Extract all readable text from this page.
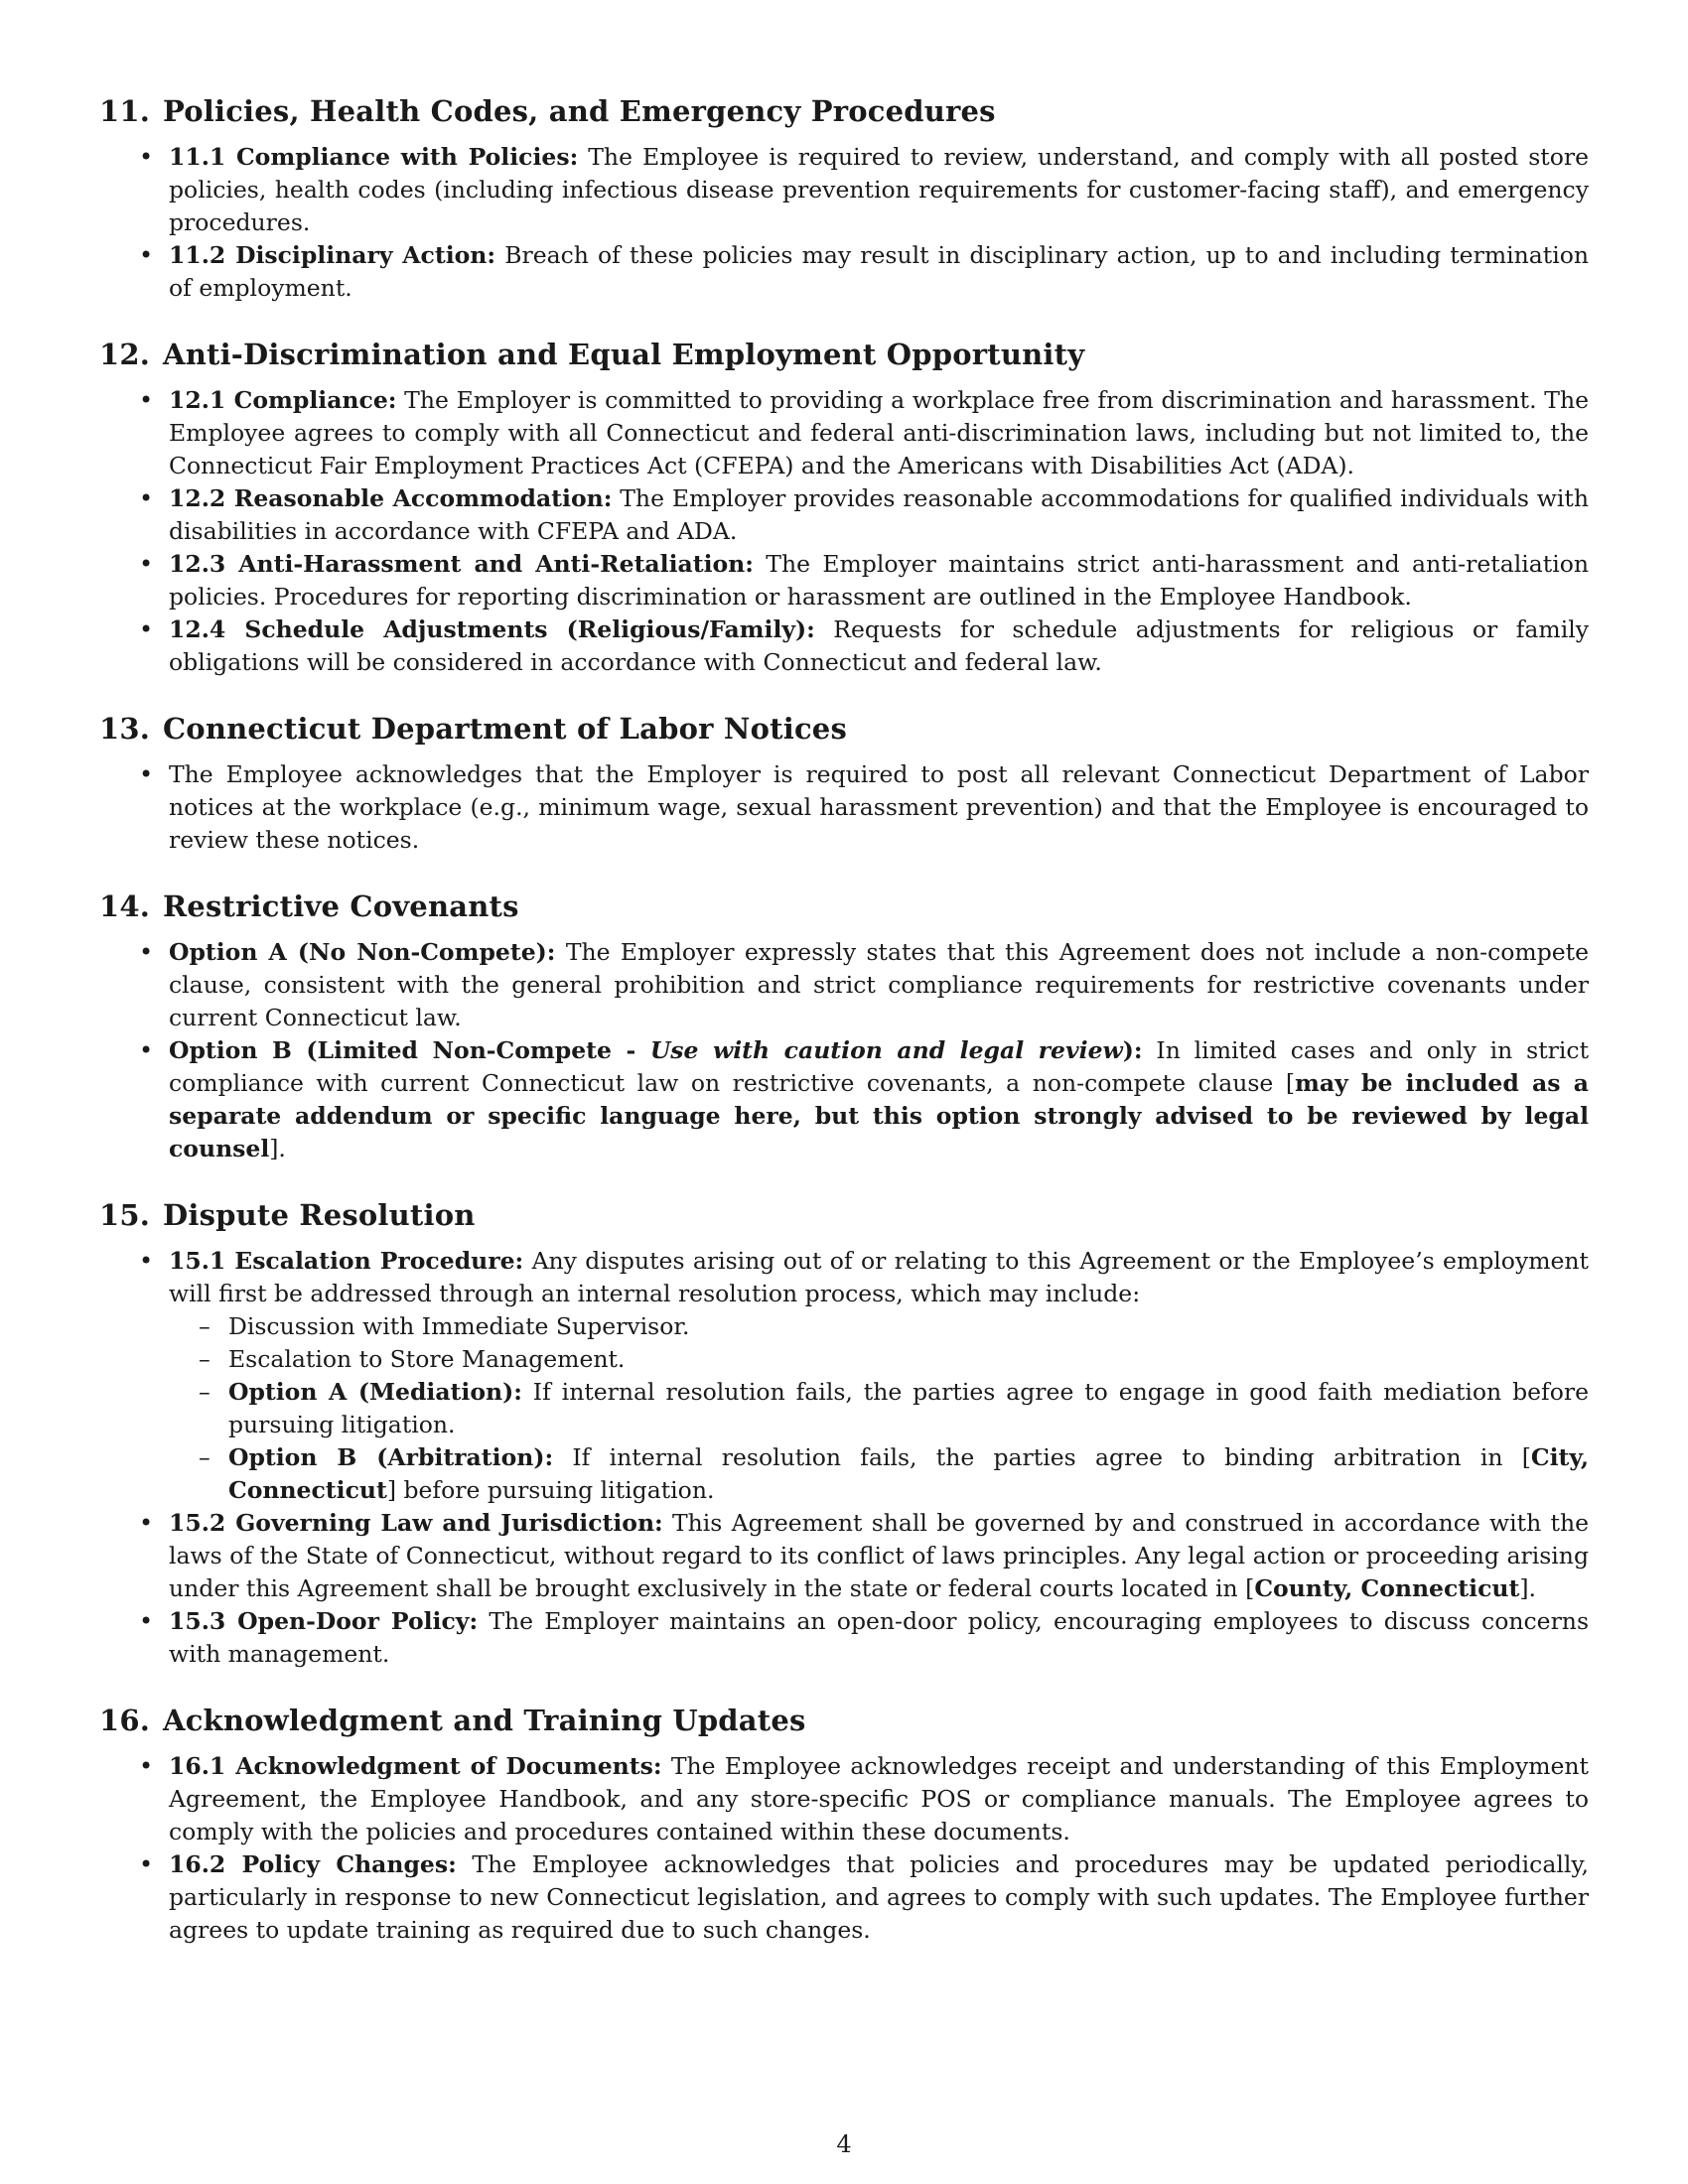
11. Policies, Health Codes, and Emergency Procedures
• 11.1 Compliance with Policies: The Employee is required to review, understand, and comply with all posted store policies, health codes (including infectious disease prevention requirements for customer-facing staff), and emergency procedures.
• 11.2 Disciplinary Action: Breach of these policies may result in disciplinary action, up to and including termination of employment.
12. Anti-Discrimination and Equal Employment Opportunity
• 12.1 Compliance: The Employer is committed to providing a workplace free from discrimination and harassment. The Employee agrees to comply with all Connecticut and federal anti-discrimination laws, including but not limited to, the Connecticut Fair Employment Practices Act (CFEPA) and the Americans with Disabilities Act (ADA).
• 12.2 Reasonable Accommodation: The Employer provides reasonable accommodations for qualified individuals with disabilities in accordance with CFEPA and ADA.
• 12.3 Anti-Harassment and Anti-Retaliation: The Employer maintains strict anti-harassment and anti-retaliation policies. Procedures for reporting discrimination or harassment are outlined in the Employee Handbook.
• 12.4 Schedule Adjustments (Religious/Family): Requests for schedule adjustments for religious or family obligations will be considered in accordance with Connecticut and federal law.
13. Connecticut Department of Labor Notices
• The Employee acknowledges that the Employer is required to post all relevant Connecticut Department of Labor notices at the workplace (e.g., minimum wage, sexual harassment prevention) and that the Employee is encouraged to review these notices.
14. Restrictive Covenants
• Option A (No Non-Compete): The Employer expressly states that this Agreement does not include a non-compete clause, consistent with the general prohibition and strict compliance requirements for restrictive covenants under current Connecticut law.
• Option B (Limited Non-Compete - Use with caution and legal review): In limited cases and only in strict compliance with current Connecticut law on restrictive covenants, a non-compete clause [may be included as a separate addendum or specific language here, but this option strongly advised to be reviewed by legal counsel].
15. Dispute Resolution
• 15.1 Escalation Procedure: Any disputes arising out of or relating to this Agreement or the Employee’s employment will first be addressed through an internal resolution process, which may include:
– Discussion with Immediate Supervisor.
– Escalation to Store Management.
– Option A (Mediation): If internal resolution fails, the parties agree to engage in good faith mediation before pursuing litigation.
– Option B (Arbitration): If internal resolution fails, the parties agree to binding arbitration in [City, Connecticut] before pursuing litigation.
• 15.2 Governing Law and Jurisdiction: This Agreement shall be governed by and construed in accordance with the laws of the State of Connecticut, without regard to its conflict of laws principles. Any legal action or proceeding arising under this Agreement shall be brought exclusively in the state or federal courts located in [County, Connecticut].
• 15.3 Open-Door Policy: The Employer maintains an open-door policy, encouraging employees to discuss concerns with management.
16. Acknowledgment and Training Updates
• 16.1 Acknowledgment of Documents: The Employee acknowledges receipt and understanding of this Employment Agreement, the Employee Handbook, and any store-specific POS or compliance manuals. The Employee agrees to comply with the policies and procedures contained within these documents.
• 16.2 Policy Changes: The Employee acknowledges that policies and procedures may be updated periodically, particularly in response to new Connecticut legislation, and agrees to comply with such updates. The Employee further agrees to update training as required due to such changes.
4
